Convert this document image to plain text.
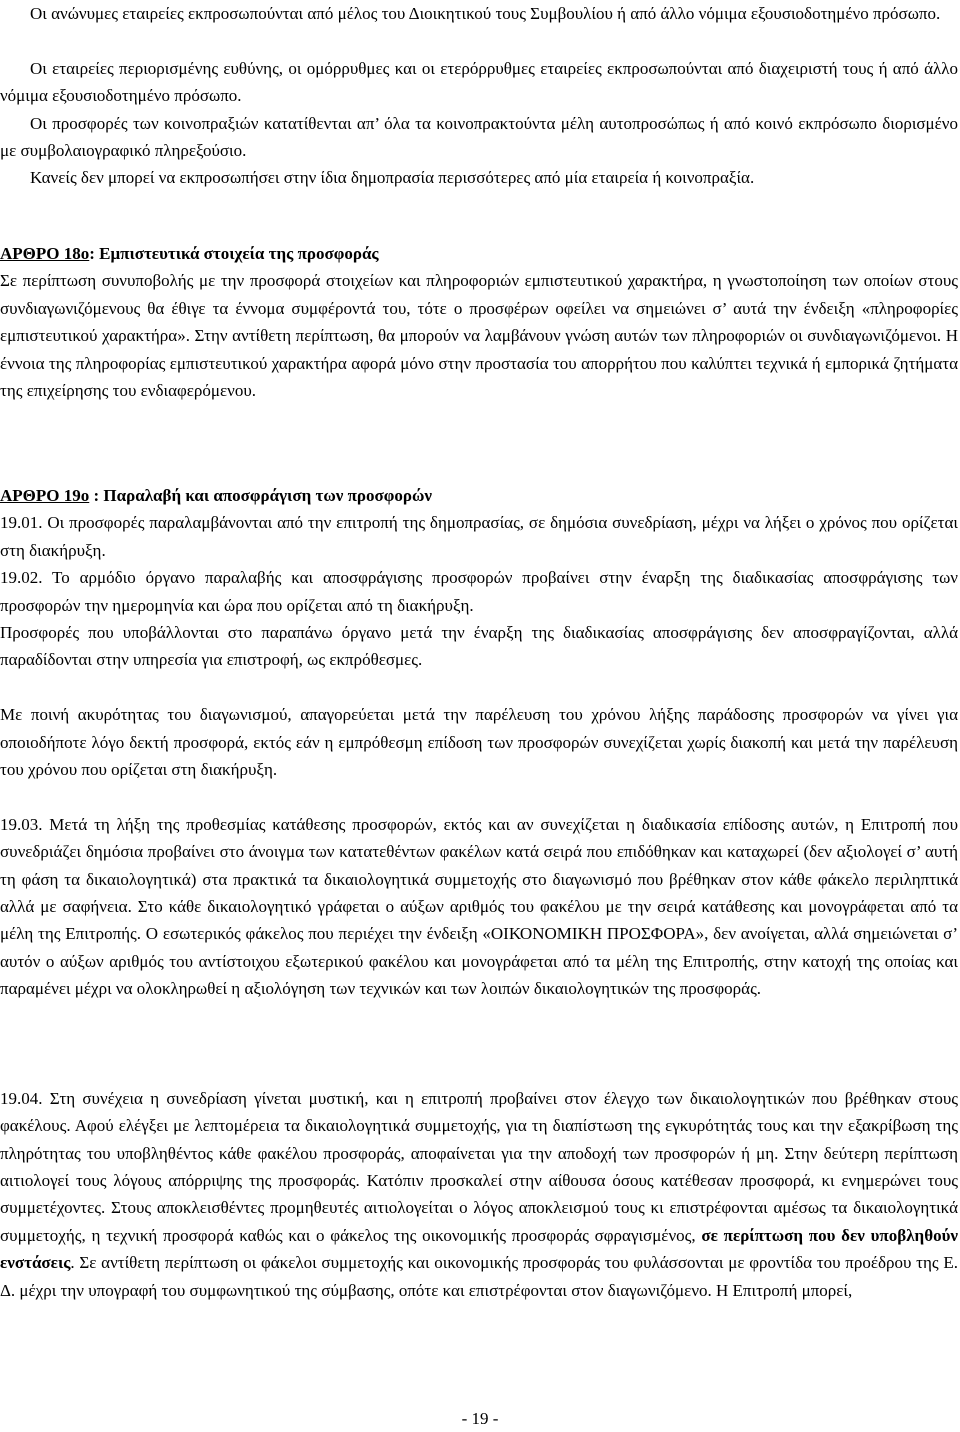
Οι ανώνυμες εταιρείες εκπροσωπούνται από μέλος του Διοικητικού τους Συμβουλίου ή από άλλο νόμιμα εξουσιοδοτημένο πρόσωπο.

Οι εταιρείες περιορισμένης ευθύνης, οι ομόρρυθμες και οι ετερόρρυθμες εταιρείες εκπροσωπούνται από διαχειριστή τους ή από άλλο νόμιμα εξουσιοδοτημένο πρόσωπο.

Οι προσφορές των κοινοπραξιών κατατίθενται απ’ όλα τα κοινοπρακτούντα μέλη αυτοπροσώπως ή από κοινό εκπρόσωπο διορισμένο με συμβολαιογραφικό πληρεξούσιο.

Κανείς δεν μπορεί να εκπροσωπήσει στην ίδια δημοπρασία περισσότερες από μία εταιρεία ή κοινοπραξία.

ΑΡΘΡΟ 18ο: Εμπιστευτικά στοιχεία της προσφοράς

Σε περίπτωση συνυποβολής με την προσφορά στοιχείων και πληροφοριών εμπιστευτικού χαρακτήρα, η γνωστοποίηση των οποίων στους συνδιαγωνιζόμενους θα έθιγε τα έννομα συμφέροντά του, τότε ο προσφέρων οφείλει να σημειώνει σ’ αυτά την ένδειξη «πληροφορίες εμπιστευτικού χαρακτήρα». Στην αντίθετη περίπτωση, θα μπορούν να λαμβάνουν γνώση αυτών των πληροφοριών οι συνδιαγωνιζόμενοι. Η έννοια της πληροφορίας εμπιστευτικού χαρακτήρα αφορά μόνο στην προστασία του απορρήτου που καλύπτει τεχνικά ή εμπορικά ζητήματα της επιχείρησης του ενδιαφερόμενου.

ΑΡΘΡΟ 19ο : Παραλαβή και αποσφράγιση των προσφορών

19.01. Οι προσφορές παραλαμβάνονται από την επιτροπή της δημοπρασίας, σε δημόσια συνεδρίαση, μέχρι να λήξει ο χρόνος που ορίζεται στη διακήρυξη.

19.02. Το αρμόδιο όργανο παραλαβής και αποσφράγισης προσφορών προβαίνει στην έναρξη της διαδικασίας αποσφράγισης των προσφορών την ημερομηνία και ώρα που ορίζεται από τη διακήρυξη.

Προσφορές που υποβάλλονται στο παραπάνω όργανο μετά την έναρξη της διαδικασίας αποσφράγισης δεν αποσφραγίζονται, αλλά παραδίδονται στην υπηρεσία για επιστροφή, ως εκπρόθεσμες.

Με ποινή ακυρότητας του διαγωνισμού, απαγορεύεται μετά την παρέλευση του χρόνου λήξης παράδοσης προσφορών να γίνει για οποιοδήποτε λόγο δεκτή προσφορά, εκτός εάν η εμπρόθεσμη επίδοση των προσφορών συνεχίζεται χωρίς διακοπή και μετά την παρέλευση του χρόνου που ορίζεται στη διακήρυξη.

19.03. Μετά τη λήξη της προθεσμίας κατάθεσης προσφορών, εκτός και αν συνεχίζεται η διαδικασία επίδοσης αυτών, η Επιτροπή που συνεδριάζει δημόσια προβαίνει στο άνοιγμα των κατατεθέντων φακέλων κατά σειρά που επιδόθηκαν και καταχωρεί (δεν αξιολογεί σ’ αυτή τη φάση τα δικαιολογητικά) στα πρακτικά τα δικαιολογητικά συμμετοχής στο διαγωνισμό που βρέθηκαν στον κάθε φάκελο περιληπτικά αλλά με σαφήνεια. Στο κάθε δικαιολογητικό γράφεται ο αύξων αριθμός του φακέλου με την σειρά κατάθεσης και μονογράφεται από τα μέλη της Επιτροπής. Ο εσωτερικός φάκελος που περιέχει την ένδειξη «ΟΙΚΟΝΟΜΙΚΗ ΠΡΟΣΦΟΡΑ», δεν ανοίγεται, αλλά σημειώνεται σ’ αυτόν ο αύξων αριθμός του αντίστοιχου εξωτερικού φακέλου και μονογράφεται από τα μέλη της Επιτροπής, στην κατοχή της οποίας και παραμένει μέχρι να ολοκληρωθεί η αξιολόγηση των τεχνικών και των λοιπών δικαιολογητικών της προσφοράς.

19.04. Στη συνέχεια η συνεδρίαση γίνεται μυστική, και η επιτροπή προβαίνει στον έλεγχο των δικαιολογητικών που βρέθηκαν στους φακέλους. Αφού ελέγξει με λεπτομέρεια τα δικαιολογητικά συμμετοχής, για τη διαπίστωση της εγκυρότητάς τους και την εξακρίβωση της πληρότητας του υποβληθέντος κάθε φακέλου προσφοράς, αποφαίνεται για την αποδοχή των προσφορών ή μη. Στην δεύτερη περίπτωση αιτιολογεί τους λόγους απόρριψης της προσφοράς. Κατόπιν προσκαλεί στην αίθουσα όσους κατέθεσαν προσφορά, κι ενημερώνει τους συμμετέχοντες. Στους αποκλεισθέντες προμηθευτές αιτιολογείται ο λόγος αποκλεισμού τους κι επιστρέφονται αμέσως τα δικαιολογητικά συμμετοχής, η τεχνική προσφορά καθώς και ο φάκελος της οικονομικής προσφοράς σφραγισμένος, σε περίπτωση που δεν υποβληθούν ενστάσεις. Σε αντίθετη περίπτωση οι φάκελοι συμμετοχής και οικονομικής προσφοράς του φυλάσσονται με φροντίδα του προέδρου της Ε. Δ. μέχρι την υπογραφή του συμφωνητικού της σύμβασης, οπότε και επιστρέφονται στον διαγωνιζόμενο. Η Επιτροπή μπορεί,

- 19 -
